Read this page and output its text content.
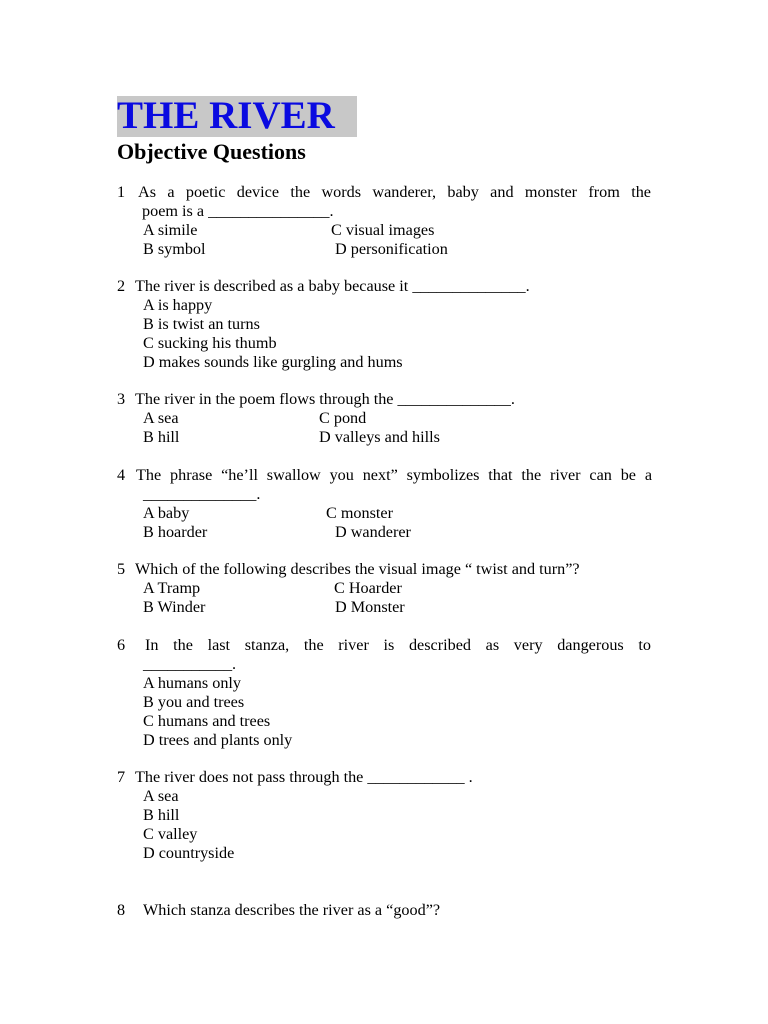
THE RIVER
Objective Questions
1 As a poetic device the words wanderer, baby and monster from the
poem is a _______________.
A simile	C visual images
B symbol	D personification
2 The river is described as a baby because it ______________.
A is happy
B is twist an turns
C sucking his thumb
D makes sounds like gurgling and hums
3 The river in the poem flows through the ______________.
A sea	C pond
B hill	D valleys and hills
4 The phrase “he’ll swallow you next” symbolizes that the river can be a
______________.
A baby	C monster
B hoarder	D wanderer
5 Which of the following describes the visual image “ twist and turn”?
A Tramp	C Hoarder
B Winder	D Monster
6 In the last stanza, the river is described as very dangerous to
___________.
A humans only
B you and trees
C humans and trees
D trees and plants only
7 The river does not pass through the ____________ .
A sea
B hill
C valley
D countryside
8 Which stanza describes the river as a “good”?
